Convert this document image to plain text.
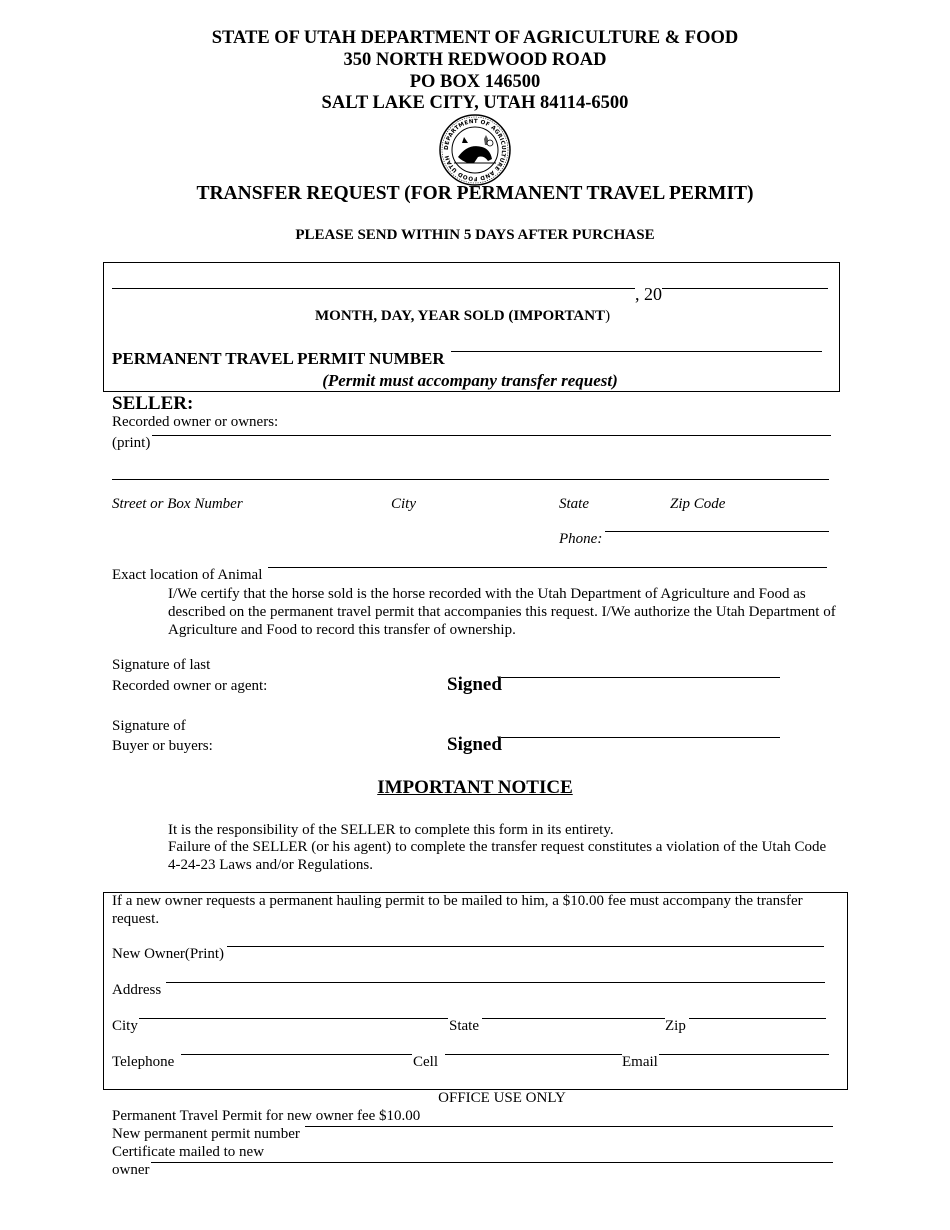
STATE OF UTAH DEPARTMENT OF AGRICULTURE & FOOD
350 NORTH REDWOOD ROAD
PO BOX 146500
SALT LAKE CITY, UTAH 84114-6500
DEPARTMENT OF AGRICULTURE AND FOOD UTAH
TRANSFER REQUEST (FOR PERMANENT TRAVEL PERMIT)
PLEASE SEND WITHIN 5 DAYS AFTER PURCHASE
, 20
MONTH, DAY, YEAR SOLD (IMPORTANT)
PERMANENT TRAVEL PERMIT NUMBER
(Permit must accompany transfer request)
SELLER:
Recorded owner or owners:
(print)
Street or Box Number	City	State	Zip Code
Phone:
Exact location of Animal
I/We certify that the horse sold is the horse recorded with the Utah Department of Agriculture and Food as described on the permanent travel permit that accompanies this request. I/We authorize the Utah Department of Agriculture and Food to record this transfer of ownership.
Signature of last
Recorded owner or agent:	Signed
Signature of
Buyer or buyers:	Signed
IMPORTANT NOTICE
It is the responsibility of the SELLER to complete this form in its entirety.
Failure of the SELLER (or his agent) to complete the transfer request constitutes a violation of the Utah Code 4-24-23 Laws and/or Regulations.
If a new owner requests a permanent hauling permit to be mailed to him, a $10.00 fee must accompany the transfer request.
New Owner(Print)
Address
City	State	Zip
Telephone	Cell	Email
OFFICE USE ONLY
Permanent Travel Permit for new owner fee $10.00
New permanent permit number
Certificate mailed to new
owner
